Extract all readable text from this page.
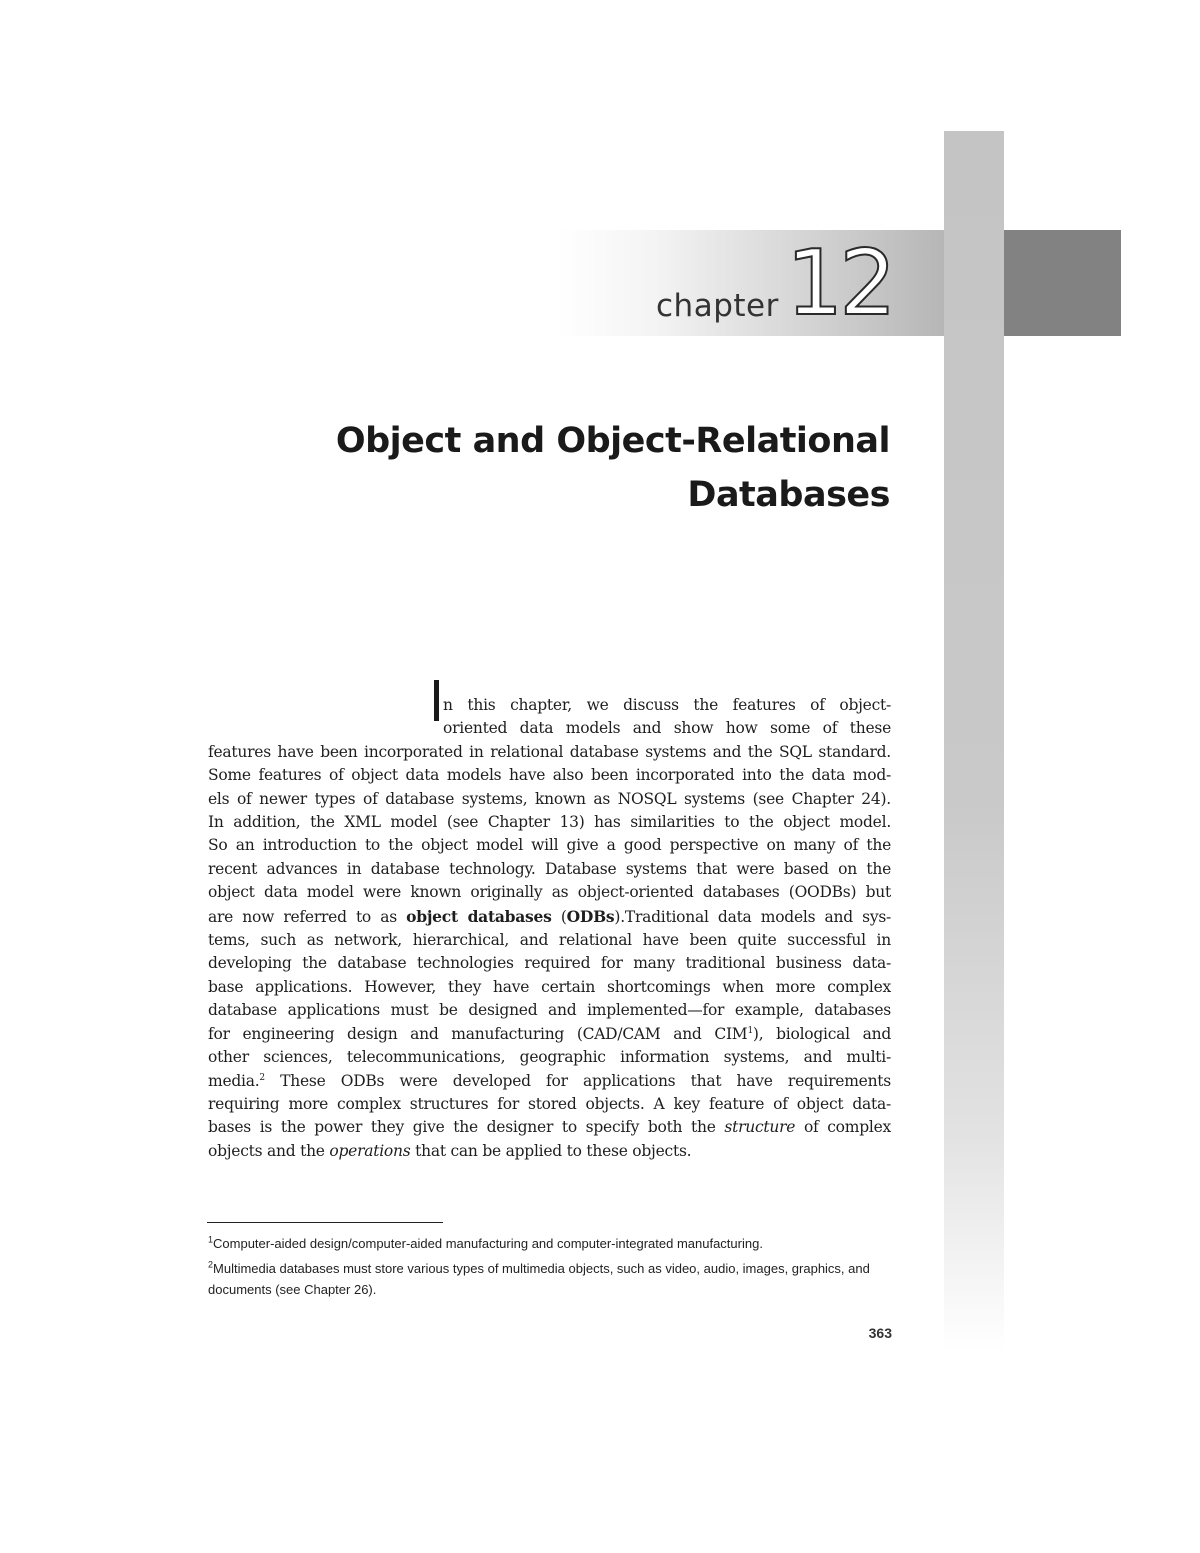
chapter 12
Object and Object-Relational
Databases
n this chapter, we discuss the features of object-
oriented data models and show how some of these
features have been incorporated in relational database systems and the SQL standard.
Some features of object data models have also been incorporated into the data mod-
els of newer types of database systems, known as NOSQL systems (see Chapter 24).
In addition, the XML model (see Chapter 13) has similarities to the object model.
So an introduction to the object model will give a good perspective on many of the
recent advances in database technology. Database systems that were based on the
object data model were known originally as object-oriented databases (OODBs) but
are now referred to as object databases (ODBs).Traditional data models and sys-
tems, such as network, hierarchical, and relational have been quite successful in
developing the database technologies required for many traditional business data-
base applications. However, they have certain shortcomings when more complex
database applications must be designed and implemented—for example, databases
for engineering design and manufacturing (CAD/CAM and CIM$^1$), biological and
other sciences, telecommunications, geographic information systems, and multi-
media.$^2$ These ODBs were developed for applications that have requirements
requiring more complex structures for stored objects. A key feature of object data-
bases is the power they give the designer to specify both the structure of complex
objects and the operations that can be applied to these objects.

$^1$Computer-aided design/computer-aided manufacturing and computer-integrated manufacturing.

$^2$Multimedia databases must store various types of multimedia objects, such as video, audio, images, graphics, and documents (see Chapter 26).

363
